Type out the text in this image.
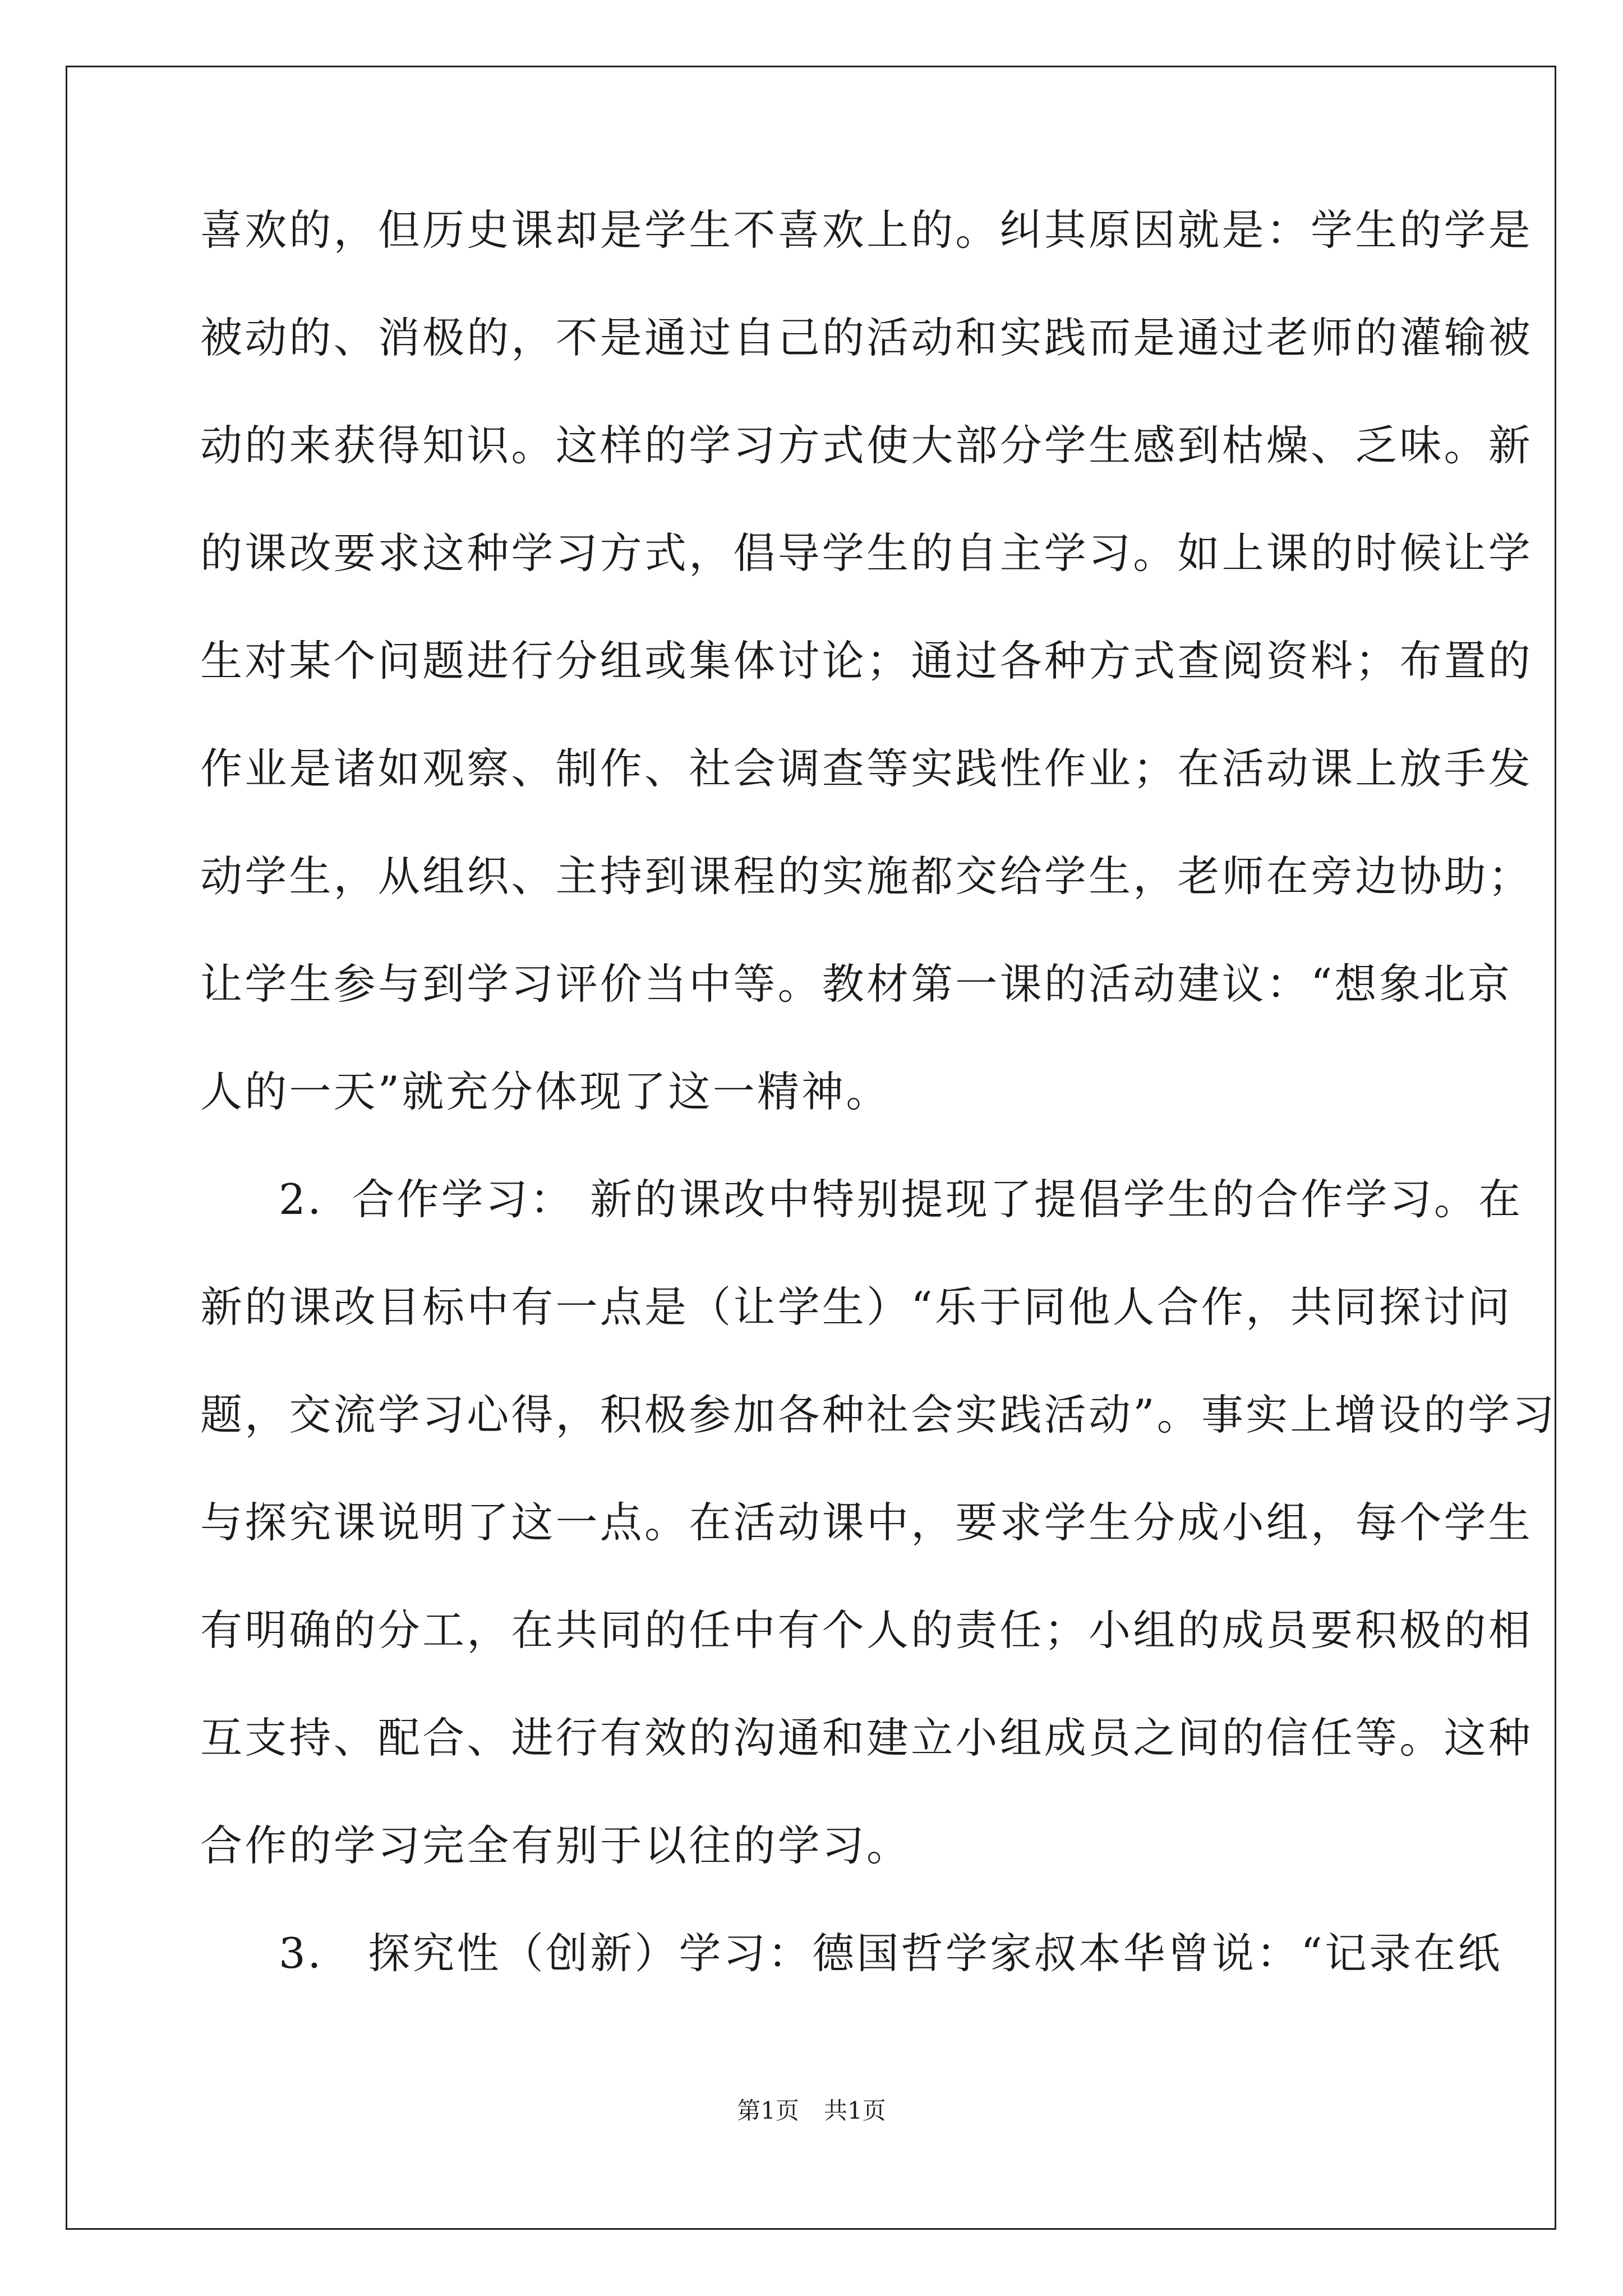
喜欢的，但历史课却是学生不喜欢上的。纠其原因就是：学生的学是
被动的、消极的，不是通过自己的活动和实践而是通过老师的灌输被
动的来获得知识。这样的学习方式使大部分学生感到枯燥、乏味。新
的课改要求这种学习方式，倡导学生的自主学习。如上课的时候让学
生对某个问题进行分组或集体讨论；通过各种方式查阅资料；布置的
作业是诸如观察、制作、社会调查等实践性作业；在活动课上放手发
动学生，从组织、主持到课程的实施都交给学生，老师在旁边协助；
让学生参与到学习评价当中等。教材第一课的活动建议：“想象北京
人的一天”就充分体现了这一精神。
2．合作学习： 新的课改中特别提现了提倡学生的合作学习。在
新的课改目标中有一点是（让学生）“乐于同他人合作，共同探讨问
题，交流学习心得，积极参加各种社会实践活动”。事实上增设的学习
与探究课说明了这一点。在活动课中，要求学生分成小组，每个学生
有明确的分工，在共同的任中有个人的责任；小组的成员要积极的相
互支持、配合、进行有效的沟通和建立小组成员之间的信任等。这种
合作的学习完全有别于以往的学习。
3． 探究性（创新）学习：德国哲学家叔本华曾说：“记录在纸
第1页 共1页
